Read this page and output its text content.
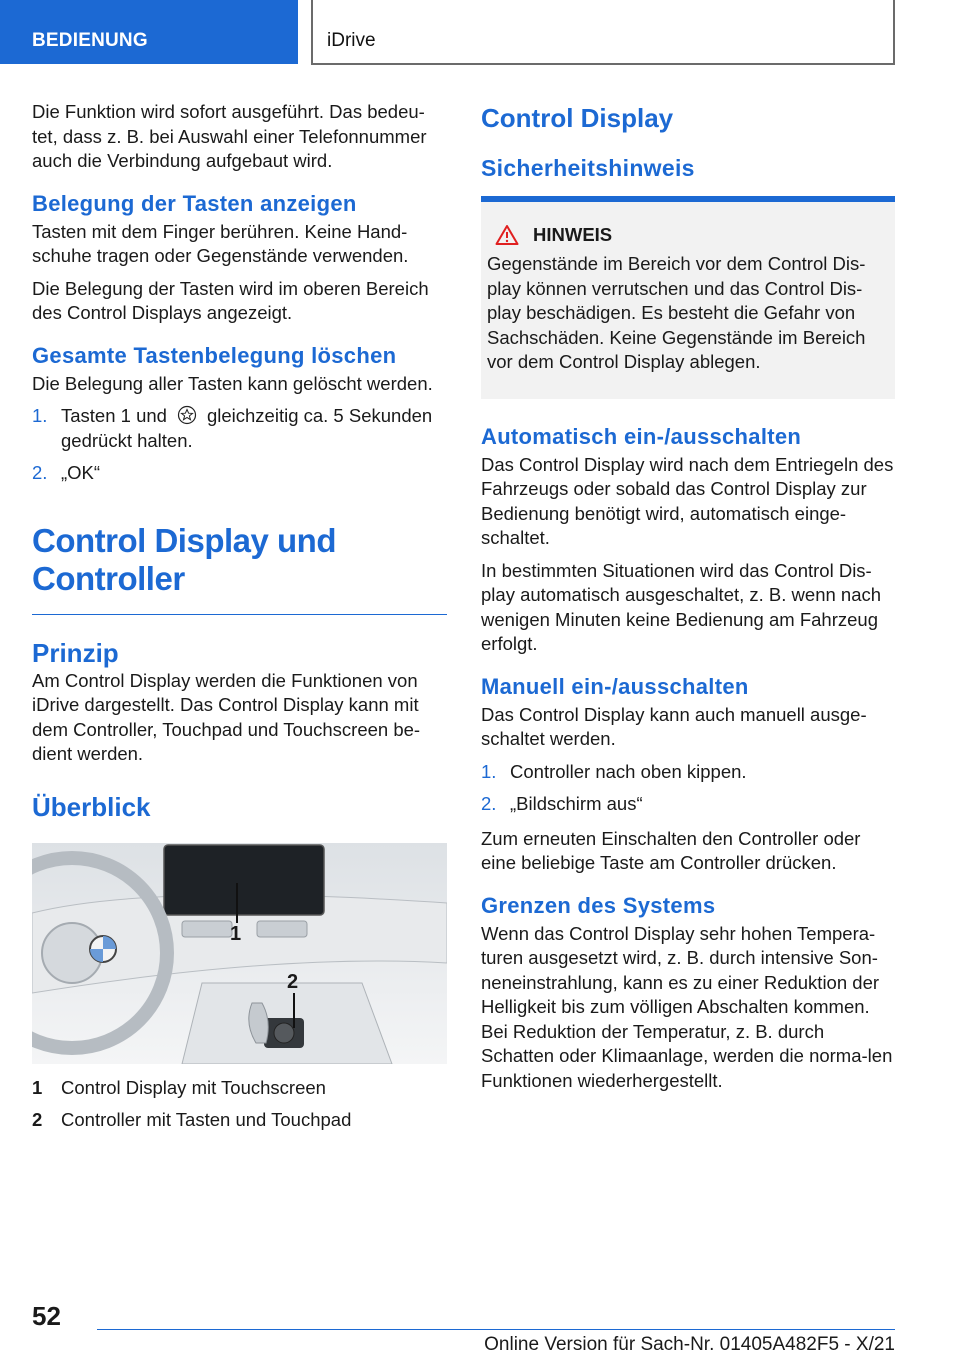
BEDIENUNG	iDrive

Die Funktion wird sofort ausgeführt. Das bedeu-tet, dass z. B. bei Auswahl einer Telefonnummer auch die Verbindung aufgebaut wird.

Belegung der Tasten anzeigen

Tasten mit dem Finger berühren. Keine Hand-schuhe tragen oder Gegenstände verwenden.

Die Belegung der Tasten wird im oberen Bereich des Control Displays angezeigt.

Gesamte Tastenbelegung löschen

Die Belegung aller Tasten kann gelöscht werden.

1. Tasten 1 und gleichzeitig ca. 5 Sekunden gedrückt halten.
2. „OK“
Control Display und
Controller
Prinzip

Am Control Display werden die Funktionen von iDrive dargestellt. Das Control Display kann mit dem Controller, Touchpad und Touchscreen be-dient werden.

Überblick
1
2
1	Control Display mit Touchscreen
2	Controller mit Tasten und Touchpad
Control Display
Sicherheitshinweis
HINWEIS

Gegenstände im Bereich vor dem Control Dis-play können verrutschen und das Control Dis-play beschädigen. Es besteht die Gefahr von Sachschäden. Keine Gegenstände im Bereich vor dem Control Display ablegen.

Automatisch ein-/ausschalten

Das Control Display wird nach dem Entriegeln des Fahrzeugs oder sobald das Control Display zur Bedienung benötigt wird, automatisch einge-schaltet.

In bestimmten Situationen wird das Control Dis-play automatisch ausgeschaltet, z. B. wenn nach wenigen Minuten keine Bedienung am Fahrzeug erfolgt.

Manuell ein-/ausschalten

Das Control Display kann auch manuell ausge-schaltet werden.

1. Controller nach oben kippen.
2. „Bildschirm aus“

Zum erneuten Einschalten den Controller oder eine beliebige Taste am Controller drücken.

Grenzen des Systems

Wenn das Control Display sehr hohen Tempera-turen ausgesetzt wird, z. B. durch intensive Son-neneinstrahlung, kann es zu einer Reduktion der Helligkeit bis zum völligen Abschalten kommen. Bei Reduktion der Temperatur, z. B. durch Schatten oder Klimaanlage, werden die norma-len Funktionen wiederhergestellt.

52
Online Version für Sach-Nr. 01405A482F5 - X/21
